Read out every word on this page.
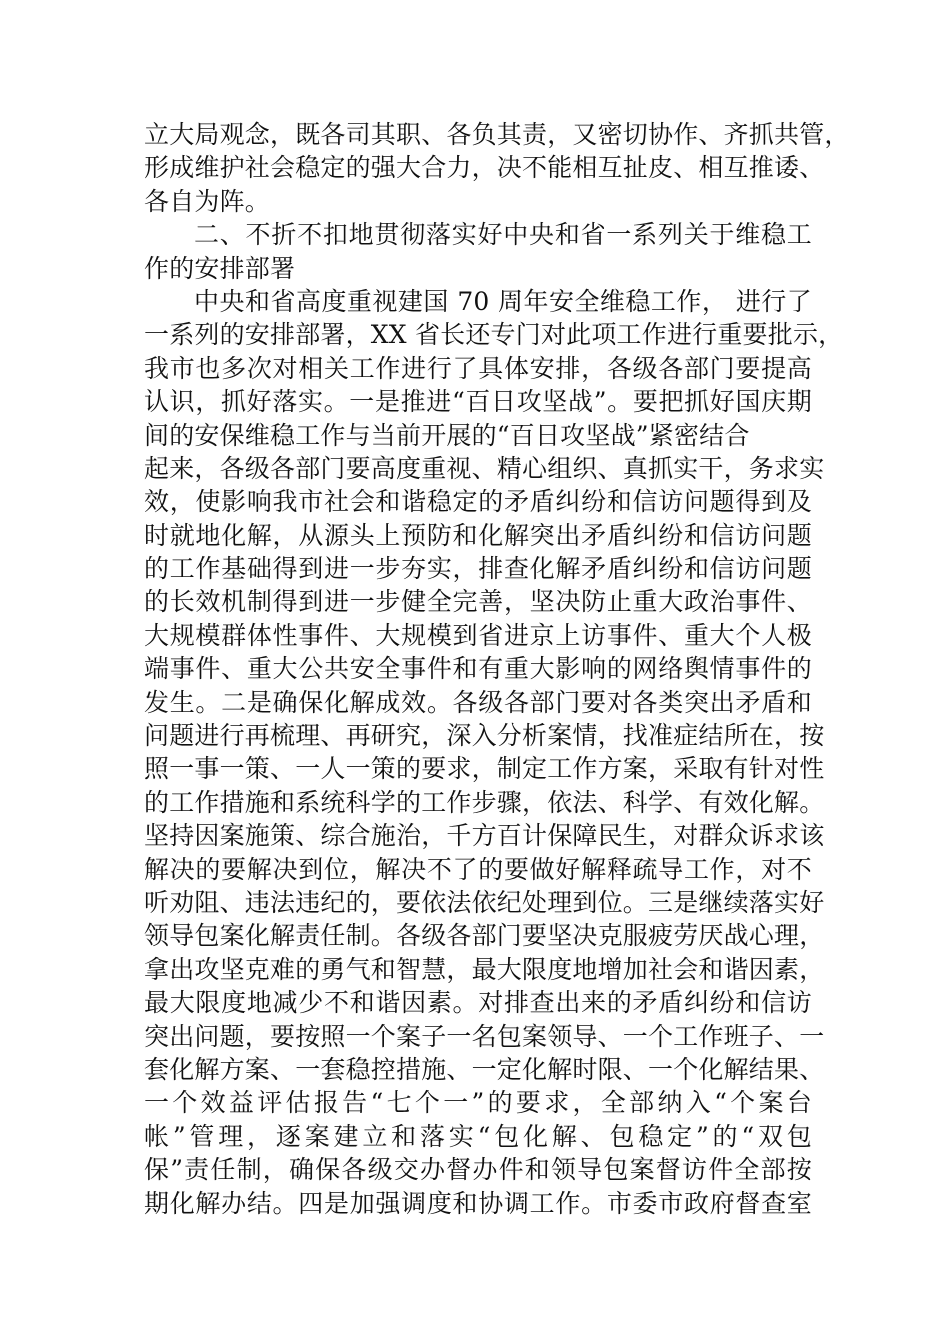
立大局观念，既各司其职、各负其责，又密切协作、齐抓共管，
形成维护社会稳定的强大合力，决不能相互扯皮、相互推诿、
各自为阵。
二、不折不扣地贯彻落实好中央和省一系列关于维稳工
作的安排部署
中央和省高度重视建国 70 周年安全维稳工作， 进行了
一系列的安排部署，XX 省长还专门对此项工作进行重要批示，
我市也多次对相关工作进行了具体安排，各级各部门要提高
认识，抓好落实。一是推进“百日攻坚战”。要把抓好国庆期
间的安保维稳工作与当前开展的“百日攻坚战”紧密结合
起来，各级各部门要高度重视、精心组织、真抓实干，务求实
效，使影响我市社会和谐稳定的矛盾纠纷和信访问题得到及
时就地化解，从源头上预防和化解突出矛盾纠纷和信访问题
的工作基础得到进一步夯实，排查化解矛盾纠纷和信访问题
的长效机制得到进一步健全完善，坚决防止重大政治事件、
大规模群体性事件、大规模到省进京上访事件、重大个人极
端事件、重大公共安全事件和有重大影响的网络舆情事件的
发生。二是确保化解成效。各级各部门要对各类突出矛盾和
问题进行再梳理、再研究，深入分析案情，找准症结所在，按
照一事一策、一人一策的要求，制定工作方案，采取有针对性
的工作措施和系统科学的工作步骤，依法、科学、有效化解。
坚持因案施策、综合施治，千方百计保障民生，对群众诉求该
解决的要解决到位，解决不了的要做好解释疏导工作，对不
听劝阻、违法违纪的，要依法依纪处理到位。三是继续落实好
领导包案化解责任制。各级各部门要坚决克服疲劳厌战心理，
拿出攻坚克难的勇气和智慧，最大限度地增加社会和谐因素，
最大限度地减少不和谐因素。对排查出来的矛盾纠纷和信访
突出问题，要按照一个案子一名包案领导、一个工作班子、一
套化解方案、一套稳控措施、一定化解时限、一个化解结果、
一个效益评估报告“七个一”的要求，全部纳入“个案台
帐”管理，逐案建立和落实“包化解、包稳定”的“双包
保”责任制，确保各级交办督办件和领导包案督访件全部按
期化解办结。四是加强调度和协调工作。市委市政府督查室
